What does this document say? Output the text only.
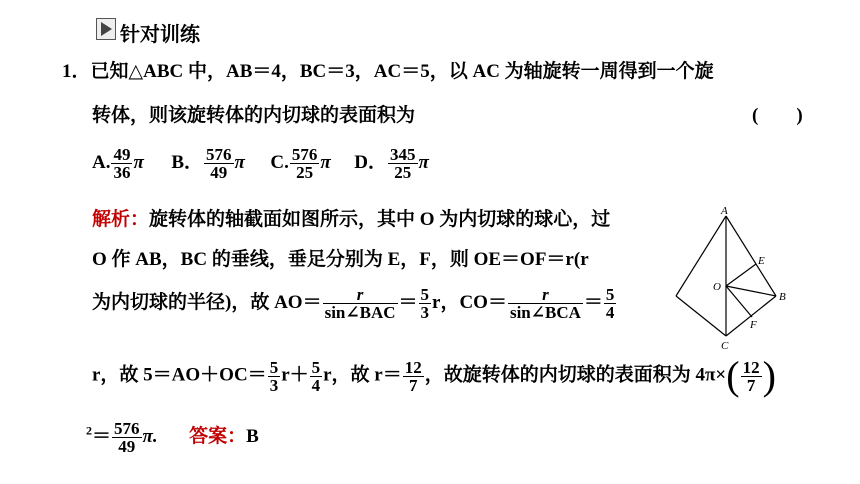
针对训练
1．已知△ABC 中，AB＝4，BC＝3，AC＝5，以 AC 为轴旋转一周得到一个旋
转体，则该旋转体的内切球的表面积为	(　　)
A. $\frac{49}{36}$ π B． $\frac{576}{49}$ π C. $\frac{576}{25}$ π D． $\frac{345}{25}$ π
解析：旋转体的轴截面如图所示，其中 O 为内切球的球心，过
O 作 AB，BC 的垂线，垂足分别为 E，F，则 OE＝OF＝r(r
为内切球的半径)，故 $AO= \frac{r}{\text{sin∠BAC}} = \frac{5}{3}$ r，$CO= \frac{r}{\text{sin∠BCA}} = \frac{5}{4}$
r，故 $5=AO+OC= \frac{5}{3} r+ \frac{5}{4}$ r，故 $r= \frac{12}{7}$ ，故旋转体的内切球的表面积为 $4\pi\times( \frac{12}{7}$ )
$^2= \frac{576}{49} \pi$. 答案：B
A
B
C
E
F
O
